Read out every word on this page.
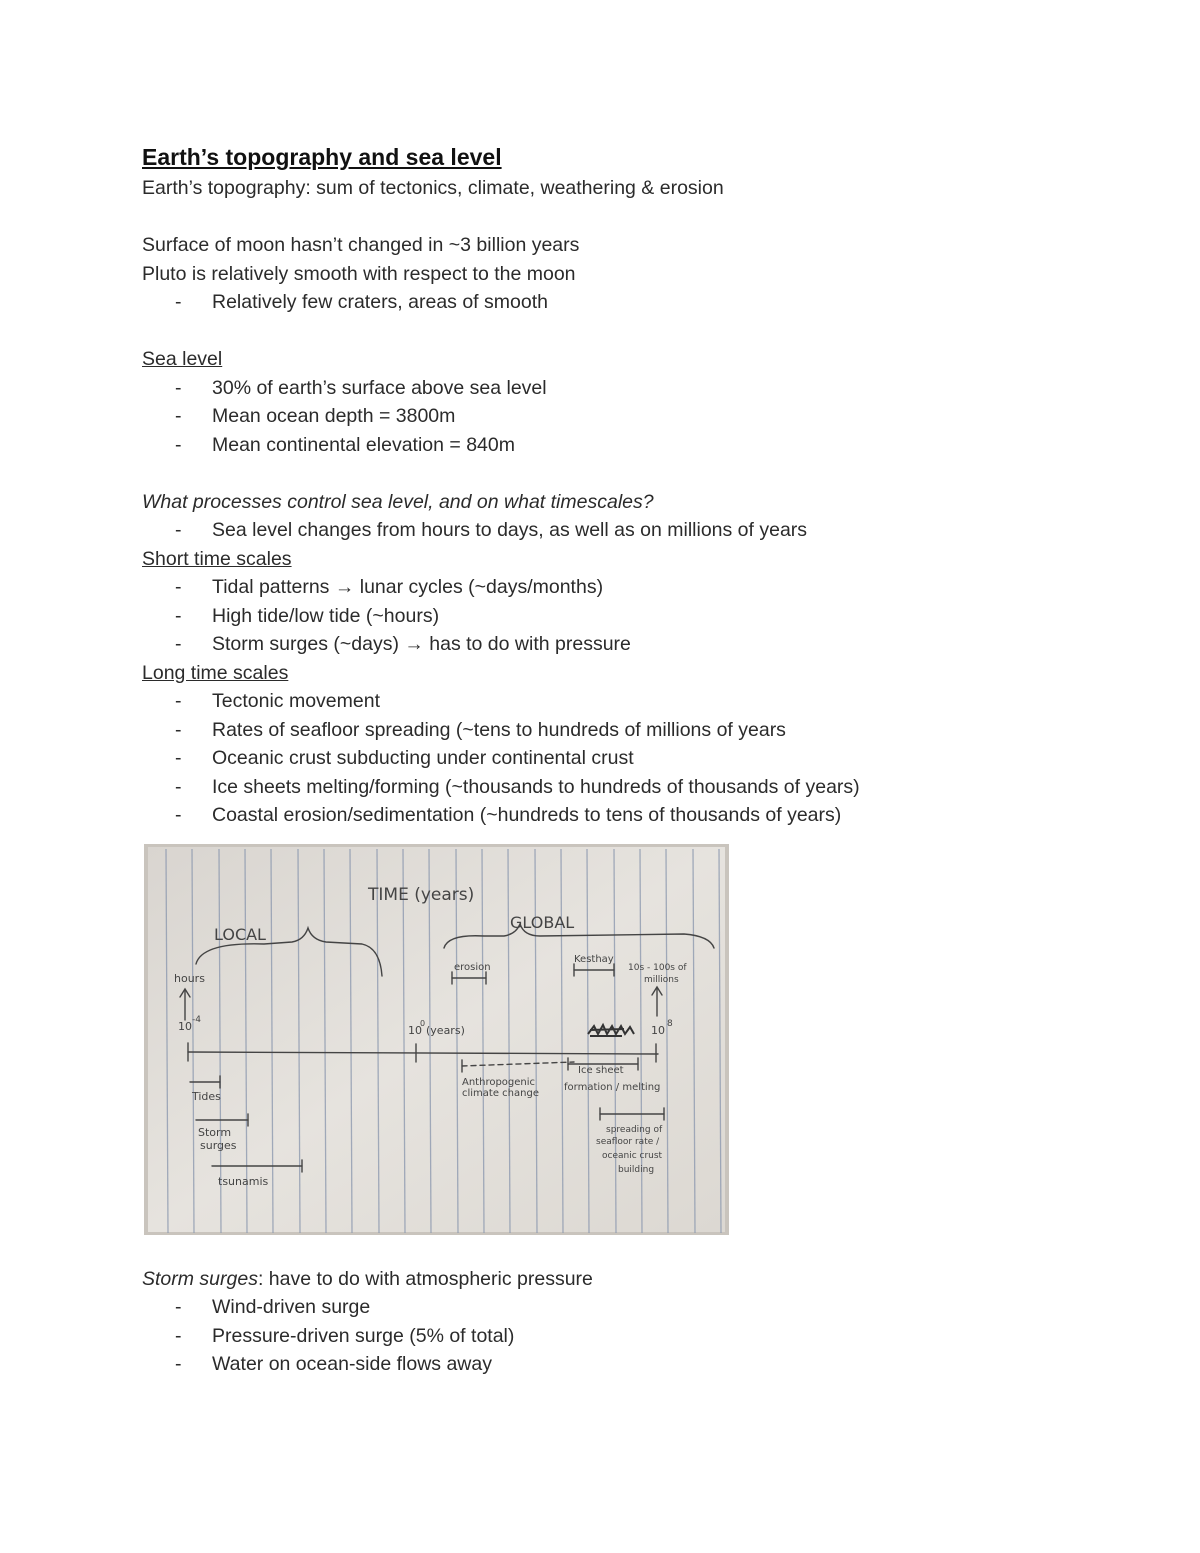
Earth’s topography and sea level

Earth’s topography: sum of tectonics, climate, weathering & erosion

Surface of moon hasn’t changed in ~3 billion years

Pluto is relatively smooth with respect to the moon

- Relatively few craters, areas of smooth

Sea level

- 30% of earth’s surface above sea level
- Mean ocean depth = 3800m
- Mean continental elevation = 840m

What processes control sea level, and on what timescales?

- Sea level changes from hours to days, as well as on millions of years

Short time scales

- Tidal patterns → lunar cycles (~days/months)
- High tide/low tide (~hours)
- Storm surges (~days) → has to do with pressure

Long time scales

- Tectonic movement
- Rates of seafloor spreading (~tens to hundreds of millions of years
- Oceanic crust subducting under continental crust
- Ice sheets melting/forming (~thousands to hundreds of thousands of years)
- Coastal erosion/sedimentation (~hundreds to tens of thousands of years)
TIME (years)
LOCAL
GLOBAL
hours
10 -4
10
0
(years)	10 8
erosion
Kesthay
10s - 100s of
millions
Tides
Storm
surges
tsunamis
Anthropogenic
climate change
Ice sheet
formation / melting
spreading of
seafloor rate /
oceanic crust
building

Storm surges: have to do with atmospheric pressure

- Wind-driven surge
- Pressure-driven surge (5% of total)
- Water on ocean-side flows away
